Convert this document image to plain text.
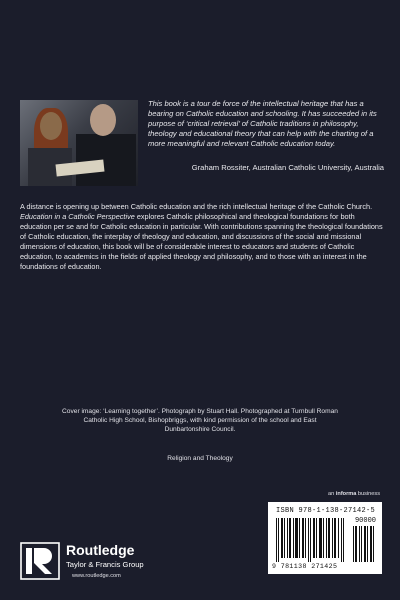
This book is a tour de force of the intellectual heritage that has a bearing on Catholic education and schooling. It has succeeded in its purpose of ‘critical retrieval’ of Catholic traditions in philosophy, theology and educational theory that can help with the charting of a more meaningful and relevant Catholic education today.

Graham Rossiter, Australian Catholic University, Australia

A distance is opening up between Catholic education and the rich intellectual heritage of the Catholic Church. Education in a Catholic Perspective explores Catholic philosophical and theological foundations for both education per se and for Catholic education in particular. With contributions spanning the theological foundations of Catholic education, the interplay of theology and education, and discussions of the social and missional dimensions of education, this book will be of considerable interest to educators and students of Catholic education, to academics in the fields of applied theology and philosophy, and to those with an interest in the foundations of education.

Cover image: ‘Learning together’. Photograph by Stuart Hall. Photographed at Turnbull Roman Catholic High School, Bishopbriggs, with kind permission of the school and East Dunbartonshire Council.

Religion and Theology

an informa business
ISBN 978-1-138-27142-5
90000
9 781138 271425
Routledge
Taylor & Francis Group
www.routledge.com
